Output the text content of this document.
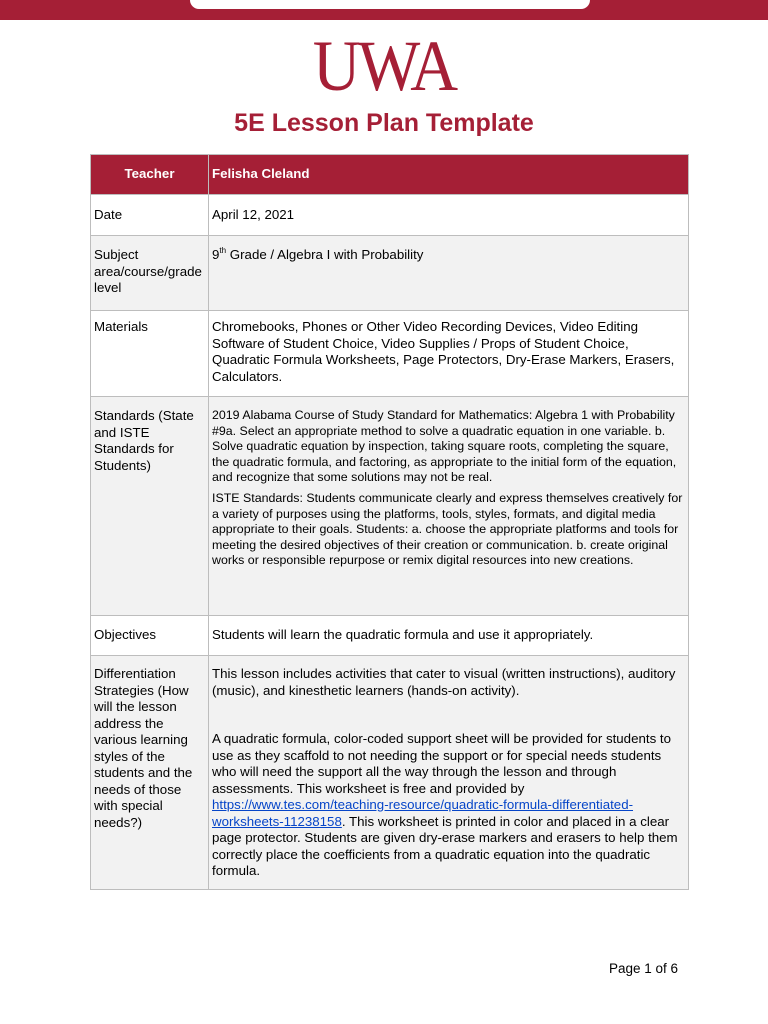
UWA
5E Lesson Plan Template
Teacher	Felisha Cleland
Date	April 12, 2021
Subject area/course/grade level	9th Grade / Algebra I with Probability
Materials	Chromebooks, Phones or Other Video Recording Devices, Video Editing Software of Student Choice, Video Supplies / Props of Student Choice, Quadratic Formula Worksheets, Page Protectors, Dry-Erase Markers, Erasers, Calculators.
Standards (State and ISTE Standards for Students)	2019 Alabama Course of Study Standard for Mathematics: Algebra 1 with Probability #9a. Select an appropriate method to solve a quadratic equation in one variable. b. Solve quadratic equation by inspection, taking square roots, completing the square, the quadratic formula, and factoring, as appropriate to the initial form of the equation, and recognize that some solutions may not be real.

ISTE Standards: Students communicate clearly and express themselves creatively for a variety of purposes using the platforms, tools, styles, formats, and digital media appropriate to their goals. Students: a. choose the appropriate platforms and tools for meeting the desired objectives of their creation or communication. b. create original works or responsible repurpose or remix digital resources into new creations.

Objectives	Students will learn the quadratic formula and use it appropriately.
Differentiation Strategies (How will the lesson address the various learning styles of the students and the needs of those with special needs?)	This lesson includes activities that cater to visual (written instructions), auditory (music), and kinesthetic learners (hands-on activity).

A quadratic formula, color-coded support sheet will be provided for students to use as they scaffold to not needing the support or for special needs students who will need the support all the way through the lesson and through assessments. This worksheet is free and provided by https://www.tes.com/teaching-resource/quadratic-formula-differentiated-worksheets-11238158. This worksheet is printed in color and placed in a clear page protector. Students are given dry-erase markers and erasers to help them correctly place the coefficients from a quadratic equation into the quadratic formula.

Page 1 of 6
